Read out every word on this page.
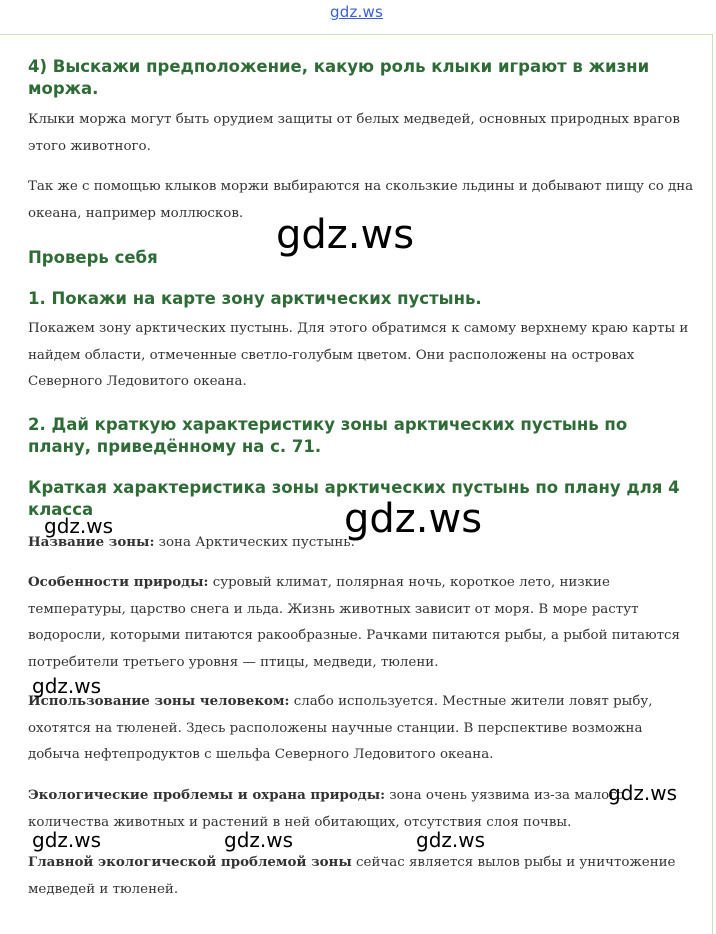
gdz.ws
4) Выскажи предположение, какую роль клыки играют в жизни моржа.
Клыки моржа могут быть орудием защиты от белых медведей, основных природных врагов этого животного.
Так же с помощью клыков моржи выбираются на скользкие льдины и добывают пищу со дна океана, например моллюсков.
Проверь себя
1. Покажи на карте зону арктических пустынь.
Покажем зону арктических пустынь. Для этого обратимся к самому верхнему краю карты и найдем области, отмеченные светло-голубым цветом. Они расположены на островах Северного Ледовитого океана.
2. Дай краткую характеристику зоны арктических пустынь по плану, приведённому на с. 71.
Краткая характеристика зоны арктических пустынь по плану для 4 класса
Название зоны: зона Арктических пустынь.
Особенности природы: суровый климат, полярная ночь, короткое лето, низкие температуры, царство снега и льда. Жизнь животных зависит от моря. В море растут водоросли, которыми питаются ракообразные. Рачками питаются рыбы, а рыбой питаются потребители третьего уровня — птицы, медведи, тюлени.
Использование зоны человеком: слабо используется. Местные жители ловят рыбу, охотятся на тюленей. Здесь расположены научные станции. В перспективе возможна добыча нефтепродуктов с шельфа Северного Ледовитого океана.
Экологические проблемы и охрана природы: зона очень уязвима из-за малого количества животных и растений в ней обитающих, отсутствия слоя почвы.
Главной экологической проблемой зоны сейчас является вылов рыбы и уничтожение медведей и тюленей.
gdz.ws
gdz.ws
gdz.ws
gdz.ws
gdz.ws
gdz.ws	gdz.ws	gdz.ws
